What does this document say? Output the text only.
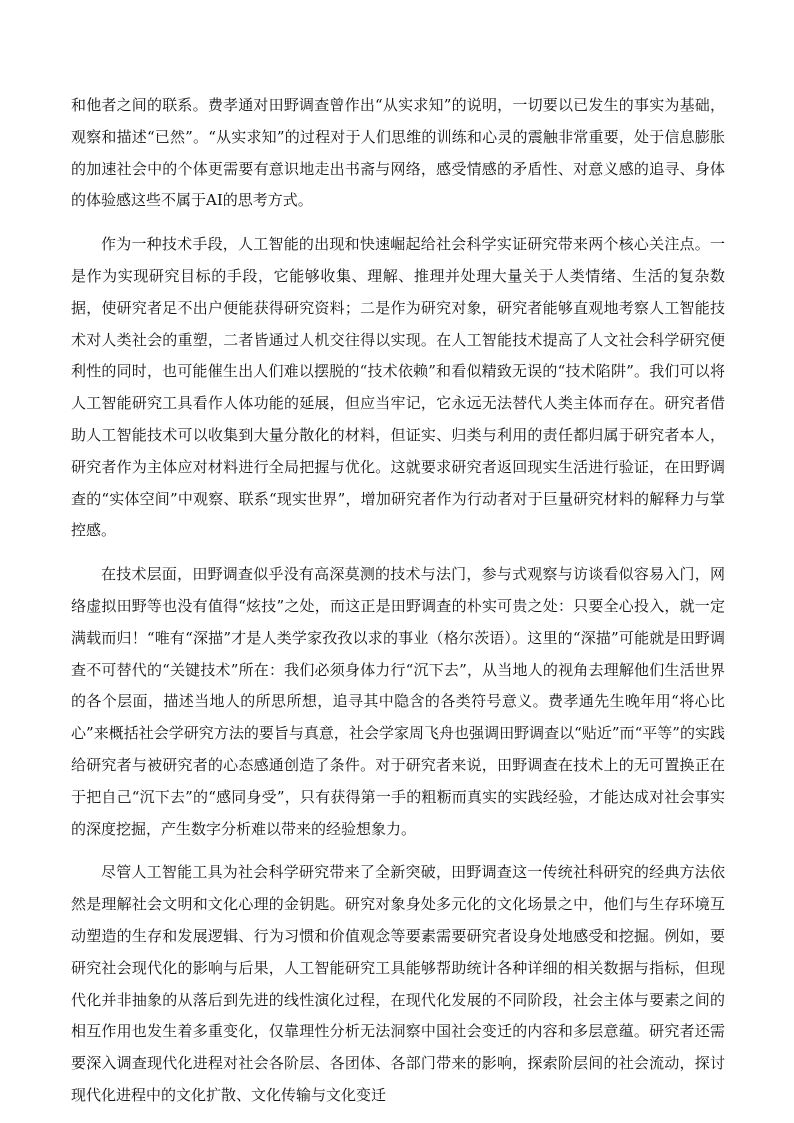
和他者之间的联系。费孝通对田野调查曾作出“从实求知”的说明，一切要以已发生的事实为基础，观察和描述“已然”。“从实求知”的过程对于人们思维的训练和心灵的震触非常重要，处于信息膨胀的加速社会中的个体更需要有意识地走出书斋与网络，感受情感的矛盾性、对意义感的追寻、身体的体验感这些不属于AI的思考方式。

作为一种技术手段，人工智能的出现和快速崛起给社会科学实证研究带来两个核心关注点。一是作为实现研究目标的手段，它能够收集、理解、推理并处理大量关于人类情绪、生活的复杂数据，使研究者足不出户便能获得研究资料；二是作为研究对象，研究者能够直观地考察人工智能技术对人类社会的重塑，二者皆通过人机交往得以实现。在人工智能技术提高了人文社会科学研究便利性的同时，也可能催生出人们难以摆脱的“技术依赖”和看似精致无误的“技术陷阱”。我们可以将人工智能研究工具看作人体功能的延展，但应当牢记，它永远无法替代人类主体而存在。研究者借助人工智能技术可以收集到大量分散化的材料，但证实、归类与利用的责任都归属于研究者本人，研究者作为主体应对材料进行全局把握与优化。这就要求研究者返回现实生活进行验证，在田野调查的“实体空间”中观察、联系“现实世界”，增加研究者作为行动者对于巨量研究材料的解释力与掌控感。

在技术层面，田野调查似乎没有高深莫测的技术与法门，参与式观察与访谈看似容易入门，网络虚拟田野等也没有值得“炫技”之处，而这正是田野调查的朴实可贵之处：只要全心投入，就一定满载而归！“唯有“深描”才是人类学家孜孜以求的事业（格尔茨语）。这里的“深描”可能就是田野调查不可替代的“关键技术”所在：我们必须身体力行“沉下去”，从当地人的视角去理解他们生活世界的各个层面，描述当地人的所思所想，追寻其中隐含的各类符号意义。费孝通先生晚年用“将心比心”来概括社会学研究方法的要旨与真意，社会学家周飞舟也强调田野调查以“贴近”而“平等”的实践给研究者与被研究者的心态感通创造了条件。对于研究者来说，田野调查在技术上的无可置换正在于把自己“沉下去”的“感同身受”，只有获得第一手的粗粝而真实的实践经验，才能达成对社会事实的深度挖掘，产生数字分析难以带来的经验想象力。

尽管人工智能工具为社会科学研究带来了全新突破，田野调查这一传统社科研究的经典方法依然是理解社会文明和文化心理的金钥匙。研究对象身处多元化的文化场景之中，他们与生存环境互动塑造的生存和发展逻辑、行为习惯和价值观念等要素需要研究者设身处地感受和挖掘。例如，要研究社会现代化的影响与后果，人工智能研究工具能够帮助统计各种详细的相关数据与指标，但现代化并非抽象的从落后到先进的线性演化过程，在现代化发展的不同阶段，社会主体与要素之间的相互作用也发生着多重变化，仅靠理性分析无法洞察中国社会变迁的内容和多层意蕴。研究者还需要深入调查现代化进程对社会各阶层、各团体、各部门带来的影响，探索阶层间的社会流动，探讨现代化进程中的文化扩散、文化传输与文化变迁
